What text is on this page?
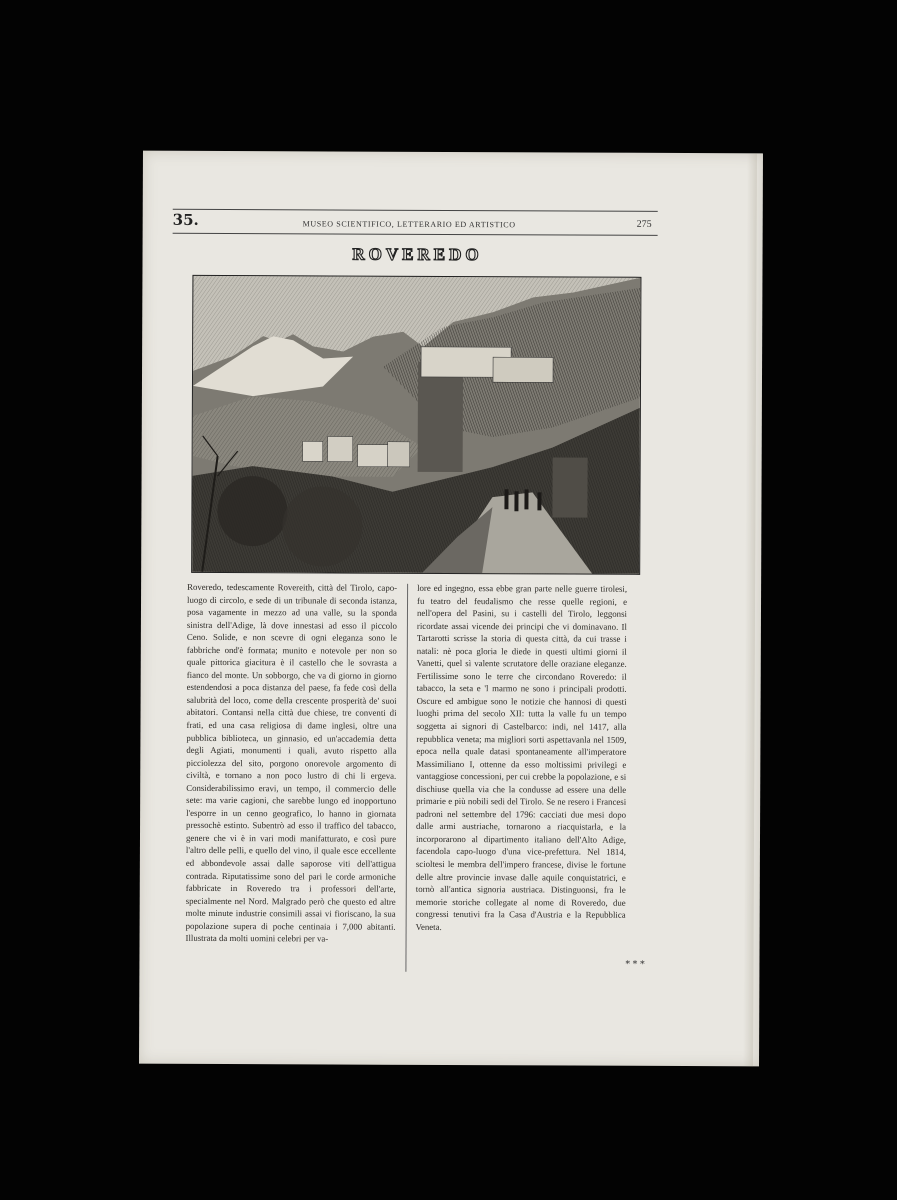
35.	MUSEO SCIENTIFICO, LETTERARIO ED ARTISTICO	275
ROVEREDO
Roveredo, tedescamente Rovereith, città del Tirolo, capo-luogo di circolo, e sede di un tribunale di seconda istanza, posa vagamente in mezzo ad una valle, su la sponda sinistra dell'Adige, là dove innestasi ad esso il piccolo Ceno. Solide, e non scevre di ogni eleganza sono le fabbriche ond'è formata; munito e notevole per non so quale pittorica giacitura è il castello che le sovrasta a fianco del monte. Un sobborgo, che va di giorno in giorno estendendosi a poca distanza del paese, fa fede così della salubrità del loco, come della crescente prosperità de' suoi abitatori. Contansi nella città due chiese, tre conventi di frati, ed una casa religiosa di dame inglesi, oltre una pubblica biblioteca, un ginnasio, ed un'accademia detta degli Agiati, monumenti i quali, avuto rispetto alla picciolezza del sito, porgono onorevole argomento di civiltà, e tornano a non poco lustro di chi li ergeva. Considerabilissimo eravi, un tempo, il commercio delle sete: ma varie cagioni, che sarebbe lungo ed inopportuno l'esporre in un cenno geografico, lo hanno in giornata pressochè estinto. Subentrò ad esso il traffico del tabacco, genere che vi è in vari modi manifatturato, e così pure l'altro delle pelli, e quello del vino, il quale esce eccellente ed abbondevole assai dalle saporose viti dell'attigua contrada. Riputatissime sono del pari le corde armoniche fabbricate in Roveredo tra i professori dell'arte, specialmente nel Nord. Malgrado però che questo ed altre molte minute industrie consimili assai vi fioriscano, la sua popolazione supera di poche centinaia i 7,000 abitanti. Illustrata da molti uomini celebri per va-
lore ed ingegno, essa ebbe gran parte nelle guerre tirolesi, fu teatro del feudalismo che resse quelle regioni, e nell'opera del Pasini, su i castelli del Tirolo, leggonsi ricordate assai vicende dei principi che vi dominavano. Il Tartarotti scrisse la storia di questa città, da cui trasse i natali: nè poca gloria le diede in questi ultimi giorni il Vanetti, quel sì valente scrutatore delle oraziane eleganze. Fertilissime sono le terre che circondano Roveredo: il tabacco, la seta e 'l marmo ne sono i principali prodotti. Oscure ed ambigue sono le notizie che hannosi di questi luoghi prima del secolo XII: tutta la valle fu un tempo soggetta ai signori di Castelbarco: indi, nel 1417, alla repubblica veneta; ma migliori sorti aspettavanla nel 1509, epoca nella quale datasi spontaneamente all'imperatore Massimiliano I, ottenne da esso moltissimi privilegi e vantaggiose concessioni, per cui crebbe la popolazione, e si dischiuse quella via che la condusse ad essere una delle primarie e più nobili sedi del Tirolo. Se ne resero i Francesi padroni nel settembre del 1796: cacciati due mesi dopo dalle armi austriache, tornarono a riacquistarla, e la incorporarono al dipartimento italiano dell'Alto Adige, facendola capo-luogo d'una vice-prefettura. Nel 1814, scioltesi le membra dell'impero francese, divise le fortune delle altre provincie invase dalle aquile conquistatrici, e tornò all'antica signoria austriaca. Distinguonsi, fra le memorie storiche collegate al nome di Roveredo, due congressi tenutivi fra la Casa d'Austria e la Repubblica Veneta.
* * *
